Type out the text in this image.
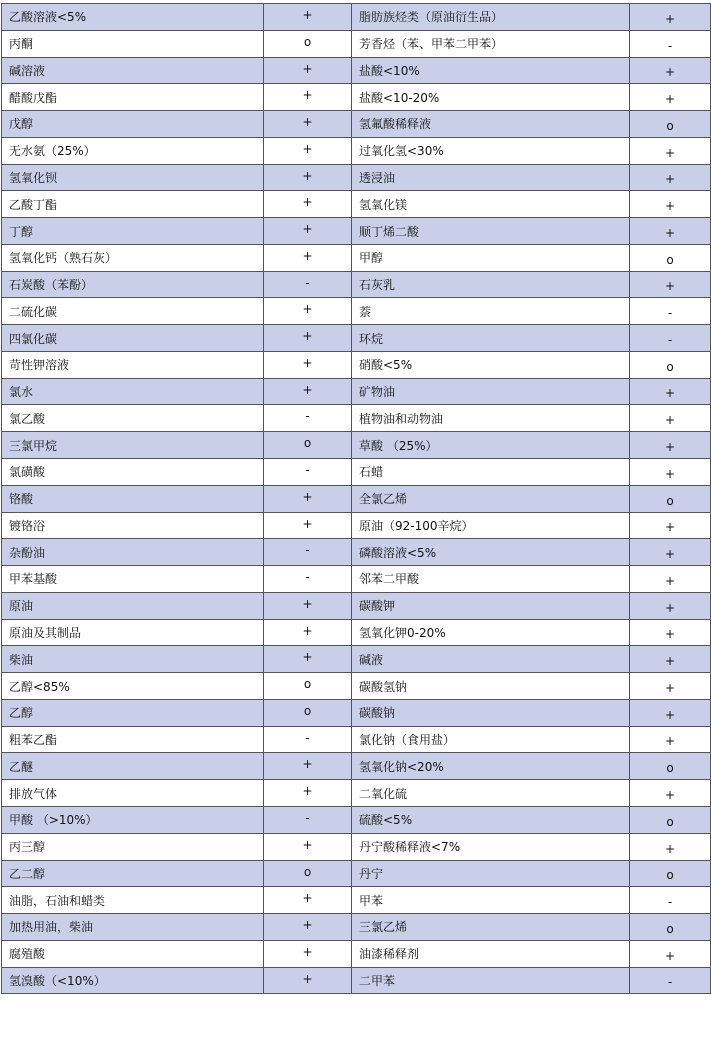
乙酸溶液<5%	+	脂肪族烃类（原油衍生品）	+
丙酮	o	芳香烃（苯、甲苯二甲苯）	-
碱溶液	+	盐酸<10%	+
醋酸戊酯	+	盐酸<10-20%	+
戊醇	+	氢氟酸稀释液	o
无水氨（25%）	+	过氧化氢<30%	+
氢氧化钡	+	透浸油	+
乙酸丁酯	+	氢氧化镁	+
丁醇	+	顺丁烯二酸	+
氢氧化钙（熟石灰）	+	甲醇	o
石炭酸（苯酚）	-	石灰乳	+
二硫化碳	+	萘	-
四氯化碳	+	环烷	-
苛性钾溶液	+	硝酸<5%	o
氯水	+	矿物油	+
氯乙酸	-	植物油和动物油	+
三氯甲烷	o	草酸 （25%）	+
氯磺酸	-	石蜡	+
铬酸	+	全氯乙烯	o
镀铬浴	+	原油（92-100辛烷）	+
杂酚油	-	磷酸溶液<5%	+
甲苯基酸	-	邻苯二甲酸	+
原油	+	碳酸钾	+
原油及其制品	+	氢氧化钾0-20%	+
柴油	+	碱液	+
乙醇<85%	o	碳酸氢钠	+
乙醇	o	碳酸钠	+
粗苯乙酯	-	氯化钠（食用盐）	+
乙醚	+	氢氧化钠<20%	o
排放气体	+	二氧化硫	+
甲酸 （>10%）	-	硫酸<5%	o
丙三醇	+	丹宁酸稀释液<7%	+
乙二醇	o	丹宁	o
油脂，石油和蜡类	+	甲苯	-
加热用油，柴油	+	三氯乙烯	o
腐殖酸	+	油漆稀释剂	+
氢溴酸（<10%）	+	二甲苯	-
